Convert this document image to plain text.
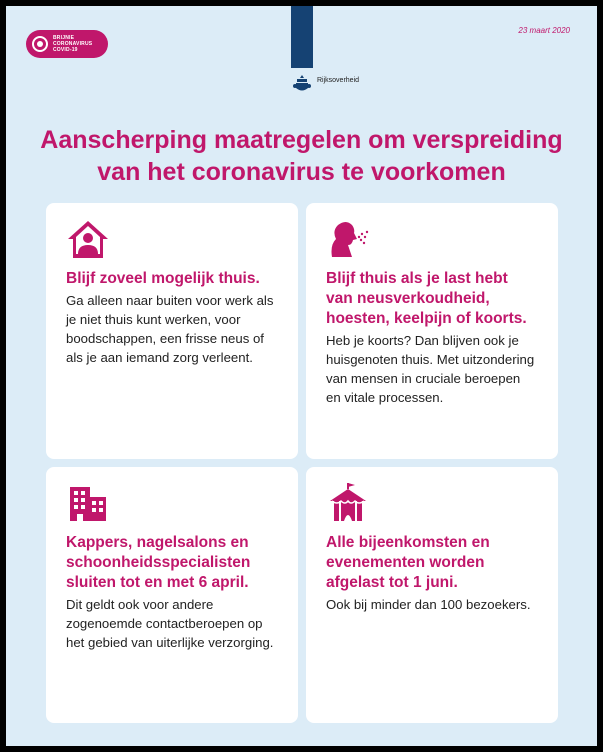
BRIJNIE
CORONAVIRUS
COVID-19
23 maart 2020
Rijksoverheid
Aanscherping maatregelen om verspreiding
van het coronavirus te voorkomen
Blijf zoveel mogelijk thuis.

Ga alleen naar buiten voor werk als je niet thuis kunt werken, voor boodschappen, een frisse neus of als je aan iemand zorg verleent.

Blijf thuis als je last hebt van neusverkoudheid, hoesten, keelpijn of koorts.

Heb je koorts? Dan blijven ook je huisgenoten thuis. Met uitzondering van mensen in cruciale beroepen en vitale processen.

Kappers, nagelsalons en schoonheidsspecialisten sluiten tot en met 6 april.

Dit geldt ook voor andere zogenoemde contactberoepen op het gebied van uiterlijke verzorging.

Alle bijeenkomsten en evenementen worden afgelast tot 1 juni.

Ook bij minder dan 100 bezoekers.
